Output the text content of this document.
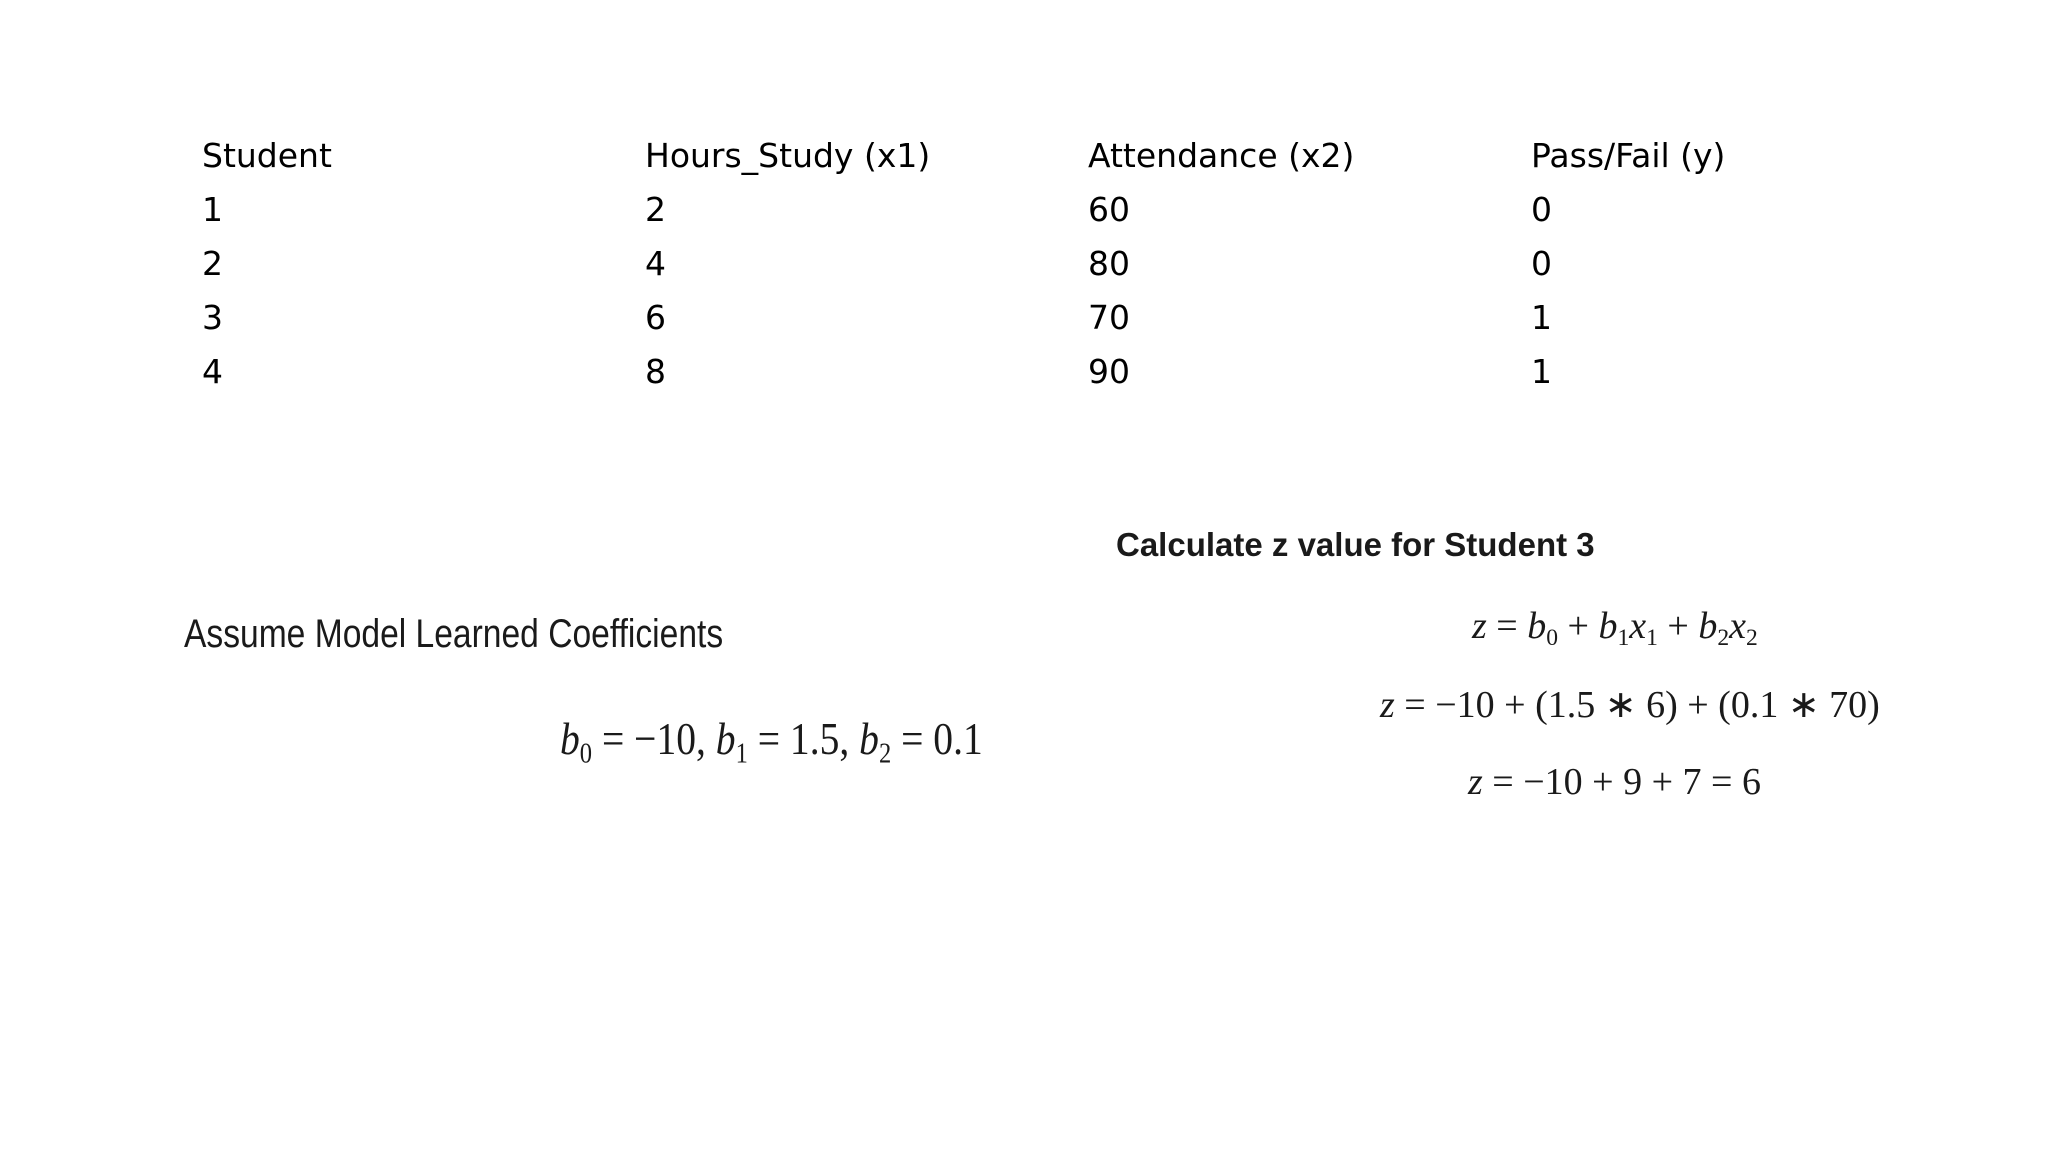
Student	Hours_Study (x1)	Attendance (x2)	Pass/Fail (y)
1	2	60	0
2	4	80	0
3	6	70	1
4	8	90	1
Assume Model Learned Coefficients
$b_0 = -10$, $b_1 = 1.5$, $b_2 = 0.1$
Calculate z value for Student 3
$z = b_0 + b_1x_1 + b_2x_2$
z = −10 + (1.5 ∗ 6) + (0.1 ∗ 70)
z = −10 + 9 + 7 = 6
